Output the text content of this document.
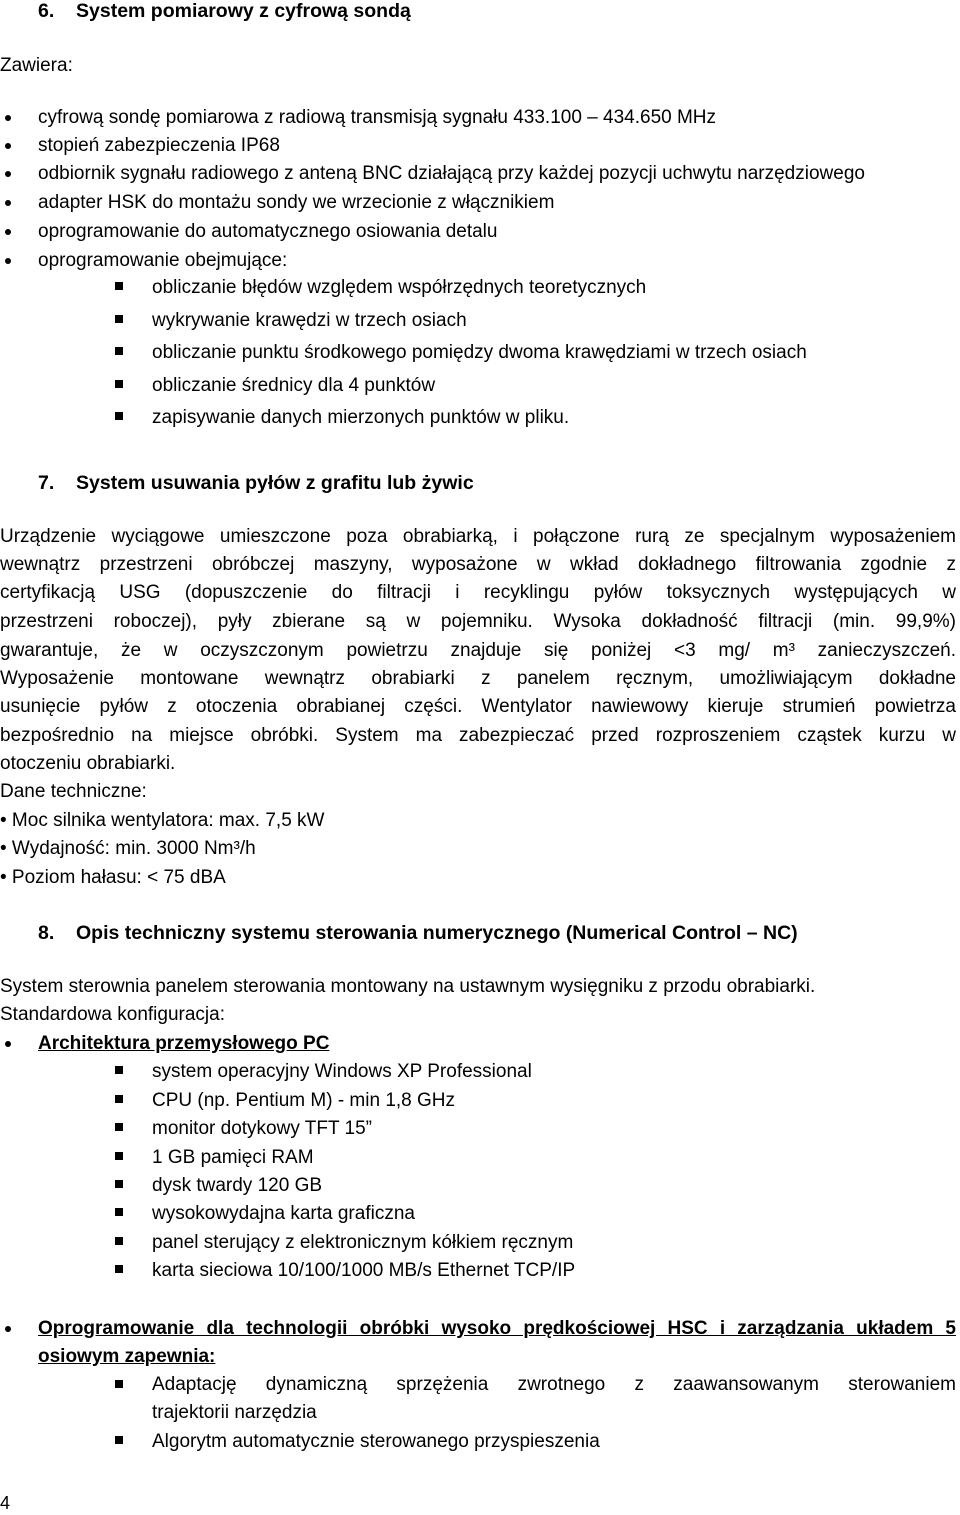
6. System pomiarowy z cyfrową sondą
Zawiera:
cyfrową sondę pomiarowa z radiową transmisją sygnału 433.100 – 434.650 MHz
stopień zabezpieczenia IP68
odbiornik sygnału radiowego z anteną BNC działającą przy każdej pozycji uchwytu narzędziowego
adapter HSK do montażu sondy we wrzecionie z włącznikiem
oprogramowanie do automatycznego osiowania detalu
oprogramowanie obejmujące:
obliczanie błędów względem współrzędnych teoretycznych
wykrywanie krawędzi w trzech osiach
obliczanie punktu środkowego pomiędzy dwoma krawędziami w trzech osiach
obliczanie średnicy dla 4 punktów
zapisywanie danych mierzonych punktów w pliku.
7. System usuwania pyłów z grafitu lub żywic
Urządzenie wyciągowe umieszczone poza obrabiarką, i połączone rurą ze specjalnym wyposażeniem
wewnątrz przestrzeni obróbczej maszyny, wyposażone w wkład dokładnego filtrowania zgodnie z
certyfikacją USG (dopuszczenie do filtracji i recyklingu pyłów toksycznych występujących w
przestrzeni roboczej), pyły zbierane są w pojemniku. Wysoka dokładność filtracji (min. 99,9%)
gwarantuje, że w oczyszczonym powietrzu znajduje się poniżej <3 mg/ m³ zanieczyszczeń.
Wyposażenie montowane wewnątrz obrabiarki z panelem ręcznym, umożliwiającym dokładne
usunięcie pyłów z otoczenia obrabianej części. Wentylator nawiewowy kieruje strumień powietrza
bezpośrednio na miejsce obróbki. System ma zabezpieczać przed rozproszeniem cząstek kurzu w
otoczeniu obrabiarki.
Dane techniczne:
• Moc silnika wentylatora: max. 7,5 kW
• Wydajność: min. 3000 Nm³/h
• Poziom hałasu: < 75 dBA
8. Opis techniczny systemu sterowania numerycznego (Numerical Control – NC)
System sterownia panelem sterowania montowany na ustawnym wysięgniku z przodu obrabiarki.
Standardowa konfiguracja:
Architektura przemysłowego PC
system operacyjny Windows XP Professional
CPU (np. Pentium M) - min 1,8 GHz
monitor dotykowy TFT 15”
1 GB pamięci RAM
dysk twardy 120 GB
wysokowydajna karta graficzna
panel sterujący z elektronicznym kółkiem ręcznym
karta sieciowa 10/100/1000 MB/s Ethernet TCP/IP
Oprogramowanie dla technologii obróbki wysoko prędkościowej HSC i zarządzania układem 5
osiowym zapewnia:
Adaptację dynamiczną sprzężenia zwrotnego z zaawansowanym sterowaniem
trajektorii narzędzia
Algorytm automatycznie sterowanego przyspieszenia
4
